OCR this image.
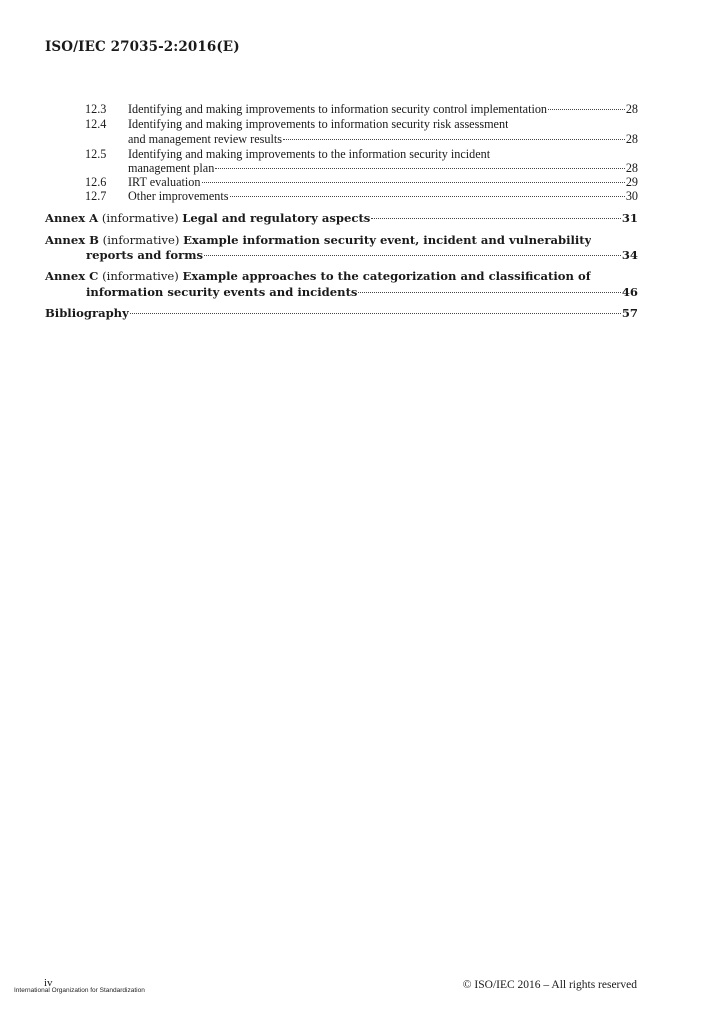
ISO/IEC 27035-2:2016(E)
12.3 Identifying and making improvements to information security control implementation	28
12.4 Identifying and making improvements to information security risk assessment
and management review results	28
12.5 Identifying and making improvements to the information security incident
management plan	28
12.6 IRT evaluation	29
12.7 Other improvements	30
Annex A (informative) Legal and regulatory aspects	31
Annex B (informative) Example information security event, incident and vulnerability
reports and forms	34
Annex C (informative) Example approaches to the categorization and classification of
information security events and incidents	46
Bibliography	57
iv
International Organization for Standardization	© ISO/IEC 2016 – All rights reserved
